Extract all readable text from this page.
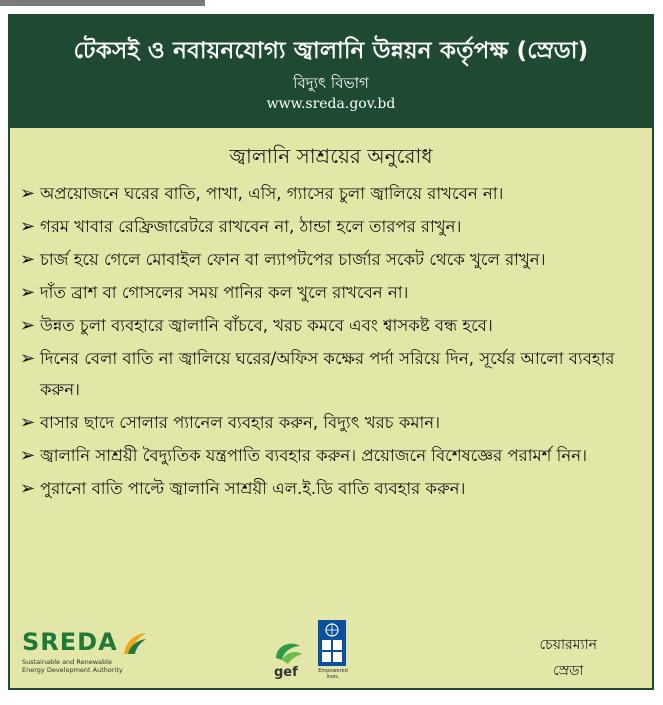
টেকসই ও নবায়নযোগ্য জ্বালানি উন্নয়ন কর্তৃপক্ষ (স্রেডা)
বিদ্যুৎ বিভাগ
www.sreda.gov.bd
জ্বালানি সাশ্রয়ের অনুরোধ
➢ অপ্রয়োজনে ঘরের বাতি, পাখা, এসি, গ্যাসের চুলা জ্বালিয়ে রাখবেন না।
➢ গরম খাবার রেফ্রিজারেটরে রাখবেন না, ঠান্ডা হলে তারপর রাখুন।
➢ চার্জ হয়ে গেলে মোবাইল ফোন বা ল্যাপটপের চার্জার সকেট থেকে খুলে রাখুন।
➢ দাঁত ব্রাশ বা গোসলের সময় পানির কল খুলে রাখবেন না।
➢ উন্নত চুলা ব্যবহারে জ্বালানি বাঁচবে, খরচ কমবে এবং শ্বাসকষ্ট বন্ধ হবে।
➢ দিনের বেলা বাতি না জ্বালিয়ে ঘরের/অফিস কক্ষের পর্দা সরিয়ে দিন, সূর্যের আলো ব্যবহার করুন।
➢ বাসার ছাদে সোলার প্যানেল ব্যবহার করুন, বিদ্যুৎ খরচ কমান।
➢ জ্বালানি সাশ্রয়ী বৈদ্যুতিক যন্ত্রপাতি ব্যবহার করুন। প্রয়োজনে বিশেষজ্ঞের পরামর্শ নিন।
➢ পুরানো বাতি পাল্টে জ্বালানি সাশ্রয়ী এল.ই.ডি বাতি ব্যবহার করুন।
SREDA
Sustainable and Renewable
Energy Development Authority	gef	Empowered lives.
চেয়ারম্যান
স্রেডা
